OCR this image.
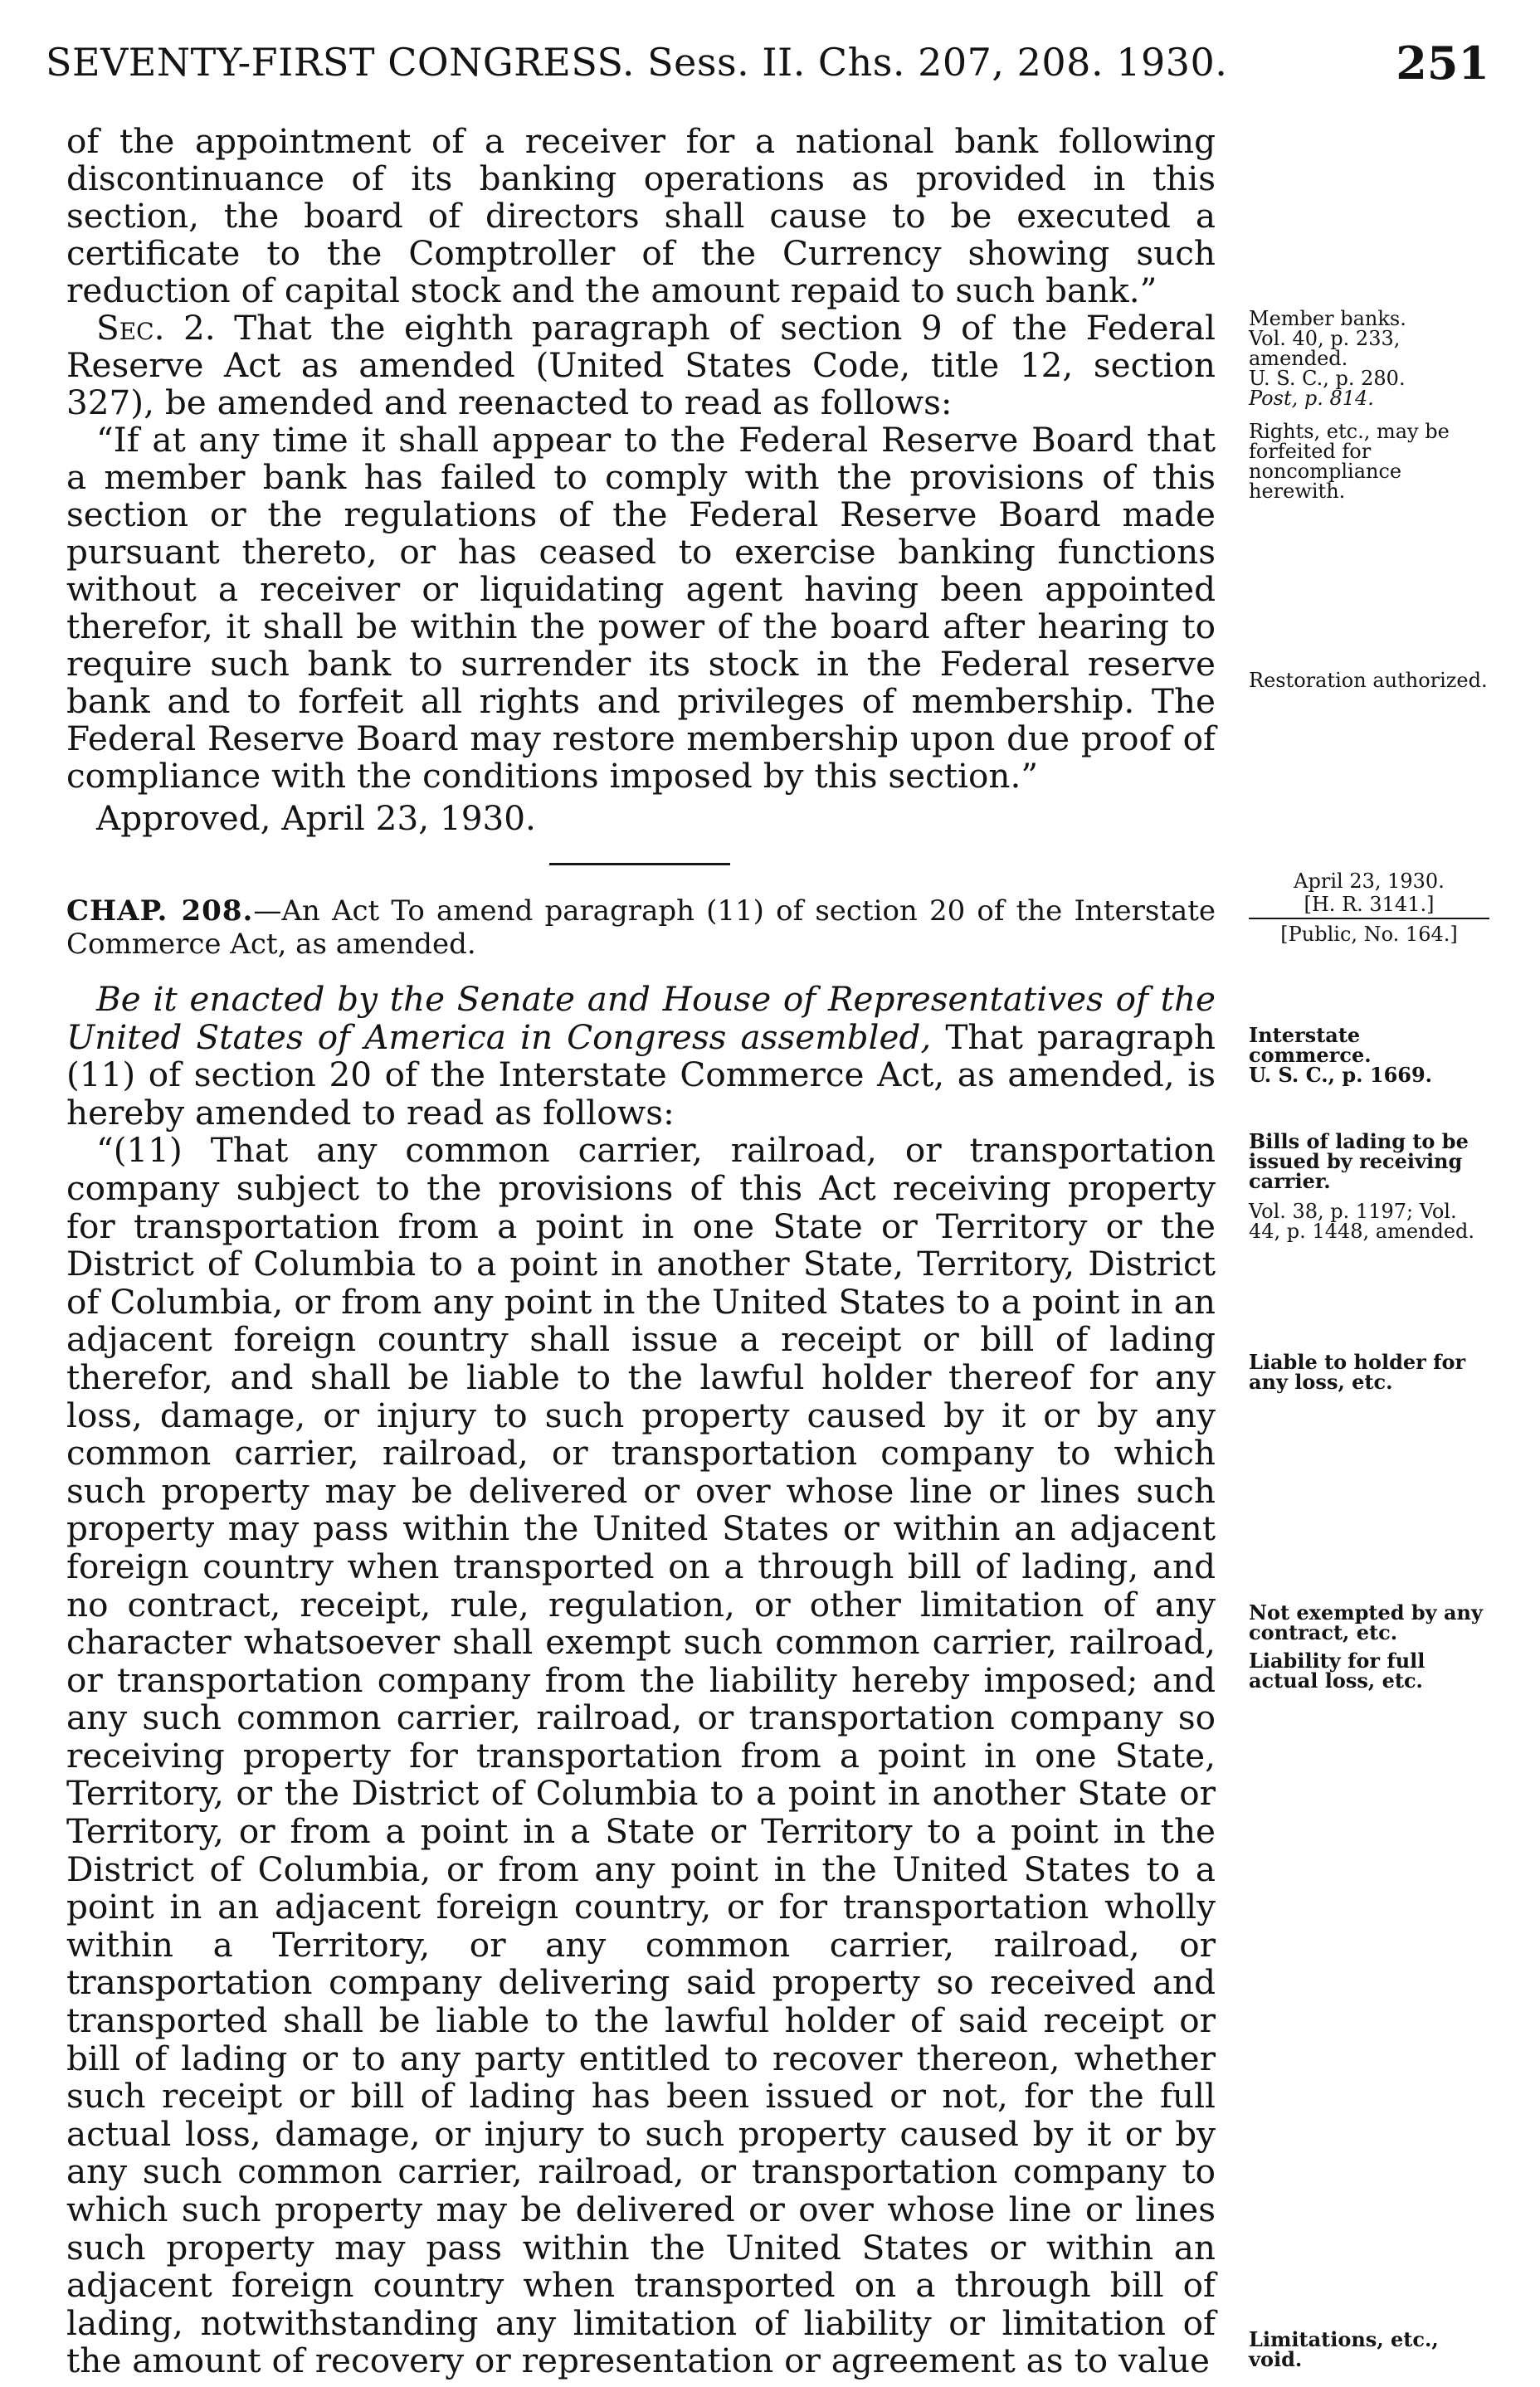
SEVENTY-FIRST CONGRESS. Sess. II. Chs. 207, 208. 1930.	251

of the appointment of a receiver for a national bank following discontinuance of its banking operations as provided in this section, the board of directors shall cause to be executed a certificate to the Comptroller of the Currency showing such reduction of capital stock and the amount repaid to such bank.”

Sec. 2. That the eighth paragraph of section 9 of the Federal Reserve Act as amended (United States Code, title 12, section 327), be amended and reenacted to read as follows:

“If at any time it shall appear to the Federal Reserve Board that a member bank has failed to comply with the provisions of this section or the regulations of the Federal Reserve Board made pursuant thereto, or has ceased to exercise banking functions without a receiver or liquidating agent having been appointed therefor, it shall be within the power of the board after hearing to require such bank to surrender its stock in the Federal reserve bank and to forfeit all rights and privileges of membership. The Federal Reserve Board may restore membership upon due proof of compliance with the conditions imposed by this section.”

Approved, April 23, 1930.

April 23, 1930.
[H. R. 3141.]
[Public, No. 164.]
CHAP. 208.—An Act To amend paragraph (11) of section 20 of the Interstate Commerce Act, as amended.

Be it enacted by the Senate and House of Representatives of the United States of America in Congress assembled, That paragraph (11) of section 20 of the Interstate Commerce Act, as amended, is hereby amended to read as follows:

“(11) That any common carrier, railroad, or transportation company subject to the provisions of this Act receiving property for transportation from a point in one State or Territory or the District of Columbia to a point in another State, Territory, District of Columbia, or from any point in the United States to a point in an adjacent foreign country shall issue a receipt or bill of lading therefor, and shall be liable to the lawful holder thereof for any loss, damage, or injury to such property caused by it or by any common carrier, railroad, or transportation company to which such property may be delivered or over whose line or lines such property may pass within the United States or within an adjacent foreign country when transported on a through bill of lading, and no contract, receipt, rule, regulation, or other limitation of any character whatsoever shall exempt such common carrier, railroad, or transportation company from the liability hereby imposed; and any such common carrier, railroad, or transportation company so receiving property for transportation from a point in one State, Territory, or the District of Columbia to a point in another State or Territory, or from a point in a State or Territory to a point in the District of Columbia, or from any point in the United States to a point in an adjacent foreign country, or for transportation wholly within a Territory, or any common carrier, railroad, or transportation company delivering said property so received and transported shall be liable to the lawful holder of said receipt or bill of lading or to any party entitled to recover thereon, whether such receipt or bill of lading has been issued or not, for the full actual loss, damage, or injury to such property caused by it or by any such common carrier, railroad, or transportation company to which such property may be delivered or over whose line or lines such property may pass within the United States or within an adjacent foreign country when transported on a through bill of lading, notwithstanding any limitation of liability or limitation of the amount of recovery or representation or agreement as to value

Member banks.
Vol. 40, p. 233, amended.
U. S. C., p. 280.
Post, p. 814.
Rights, etc., may be forfeited for noncompliance herewith.
Restoration authorized.
Interstate commerce.
U. S. C., p. 1669.
Bills of lading to be issued by receiving carrier.
Vol. 38, p. 1197; Vol. 44, p. 1448, amended.
Liable to holder for any loss, etc.
Not exempted by any contract, etc.
Liability for full actual loss, etc.
Limitations, etc., void.
